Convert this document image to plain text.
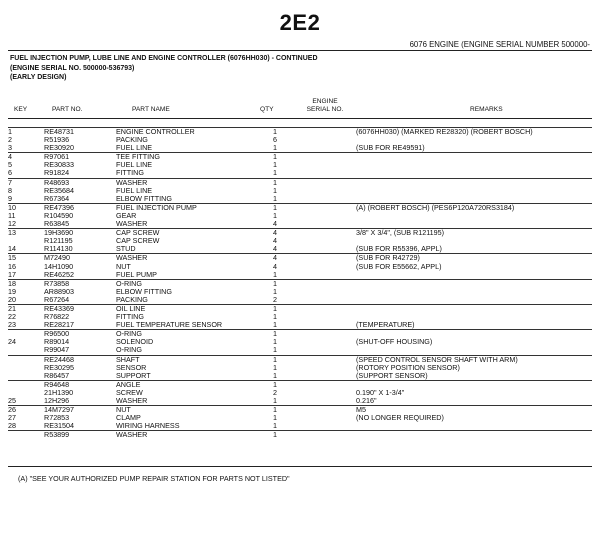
2E2
6076 ENGINE (ENGINE SERIAL NUMBER 500000-
FUEL INJECTION PUMP, LUBE LINE AND ENGINE CONTROLLER (6076HH030) - CONTINUED
(ENGINE SERIAL NO. 500000-536793)
(EARLY DESIGN)
KEY	PART NO.	PART NAME	QTY
ENGINE
SERIAL NO.	REMARKS
1	RE48731	ENGINE CONTROLLER	1		(6076HH030) (MARKED RE28320) (ROBERT BOSCH)
2	R51936	PACKING	6		
3	RE30920	FUEL LINE	1		(SUB FOR RE49591)
4	R97061	TEE FITTING	1		
5	RE30833	FUEL LINE	1		
6	R91824	FITTING	1		
7	R48693	WASHER	1		
8	RE35684	FUEL LINE	1		
9	R67364	ELBOW FITTING	1		
10	RE47396	FUEL INJECTION PUMP	1		(A) (ROBERT BOSCH) (PES6P120A720RS3184)
11	R104590	GEAR	1		
12	R63845	WASHER	4		
13	19H3690	CAP SCREW	4		3/8" X 3/4", (SUB R121195)
	R121195	CAP SCREW	4		
14	R114130	STUD	4		(SUB FOR R55396, APPL)
15	M72490	WASHER	4		(SUB FOR R42729)
16	14H1090	NUT	4		(SUB FOR E55662, APPL)
17	RE46252	FUEL PUMP	1		
18	R73858	O-RING	1		
19	AR88903	ELBOW FITTING	1		
20	R67264	PACKING	2		
21	RE43369	OIL LINE	1		
22	R76822	FITTING	1		
23	RE28217	FUEL TEMPERATURE SENSOR	1		(TEMPERATURE)
	R96500	O-RING	1		
24	R89014	SOLENOID	1		(SHUT-OFF HOUSING)
	R99047	O-RING	1		
	RE24468	SHAFT	1		(SPEED CONTROL SENSOR SHAFT WITH ARM)
	RE30295	SENSOR	1		(ROTORY POSITION SENSOR)
	R86457	SUPPORT	1		(SUPPORT SENSOR)
	R94648	ANGLE	1		
	21H1390	SCREW	2		0.190" X 1-3/4"
25	12H296	WASHER	1		0.216"
26	14M7297	NUT	1		M5
27	R72853	CLAMP	1		(NO LONGER REQUIRED)
28	RE31504	WIRING HARNESS	1		
	R53899	WASHER	1		
(A) "SEE YOUR AUTHORIZED PUMP REPAIR STATION FOR PARTS NOT LISTED"
